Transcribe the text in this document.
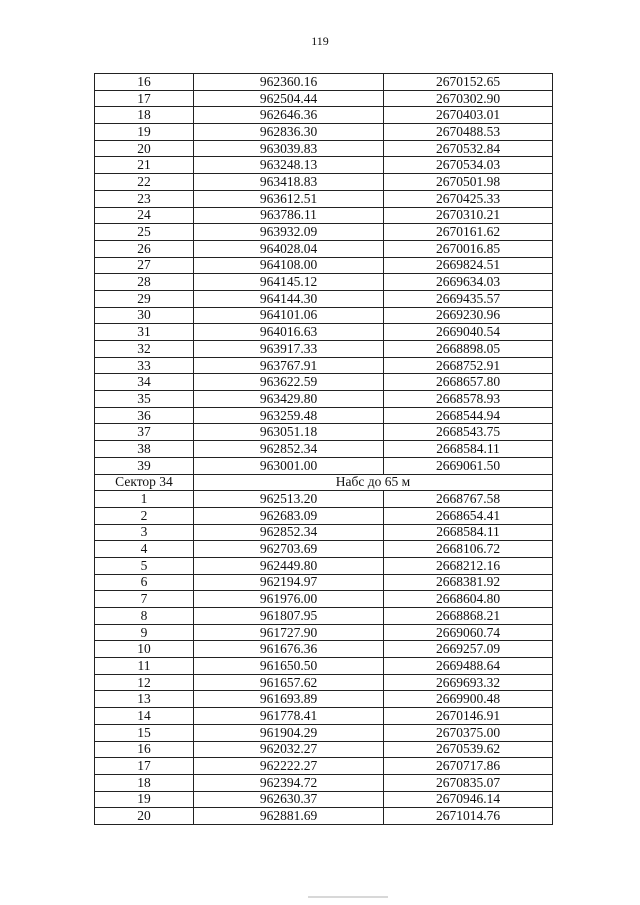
119
16	962360.16	2670152.65
17	962504.44	2670302.90
18	962646.36	2670403.01
19	962836.30	2670488.53
20	963039.83	2670532.84
21	963248.13	2670534.03
22	963418.83	2670501.98
23	963612.51	2670425.33
24	963786.11	2670310.21
25	963932.09	2670161.62
26	964028.04	2670016.85
27	964108.00	2669824.51
28	964145.12	2669634.03
29	964144.30	2669435.57
30	964101.06	2669230.96
31	964016.63	2669040.54
32	963917.33	2668898.05
33	963767.91	2668752.91
34	963622.59	2668657.80
35	963429.80	2668578.93
36	963259.48	2668544.94
37	963051.18	2668543.75
38	962852.34	2668584.11
39	963001.00	2669061.50
Сектор 34	Набс до 65 м	
1	962513.20	2668767.58
2	962683.09	2668654.41
3	962852.34	2668584.11
4	962703.69	2668106.72
5	962449.80	2668212.16
6	962194.97	2668381.92
7	961976.00	2668604.80
8	961807.95	2668868.21
9	961727.90	2669060.74
10	961676.36	2669257.09
11	961650.50	2669488.64
12	961657.62	2669693.32
13	961693.89	2669900.48
14	961778.41	2670146.91
15	961904.29	2670375.00
16	962032.27	2670539.62
17	962222.27	2670717.86
18	962394.72	2670835.07
19	962630.37	2670946.14
20	962881.69	2671014.76
